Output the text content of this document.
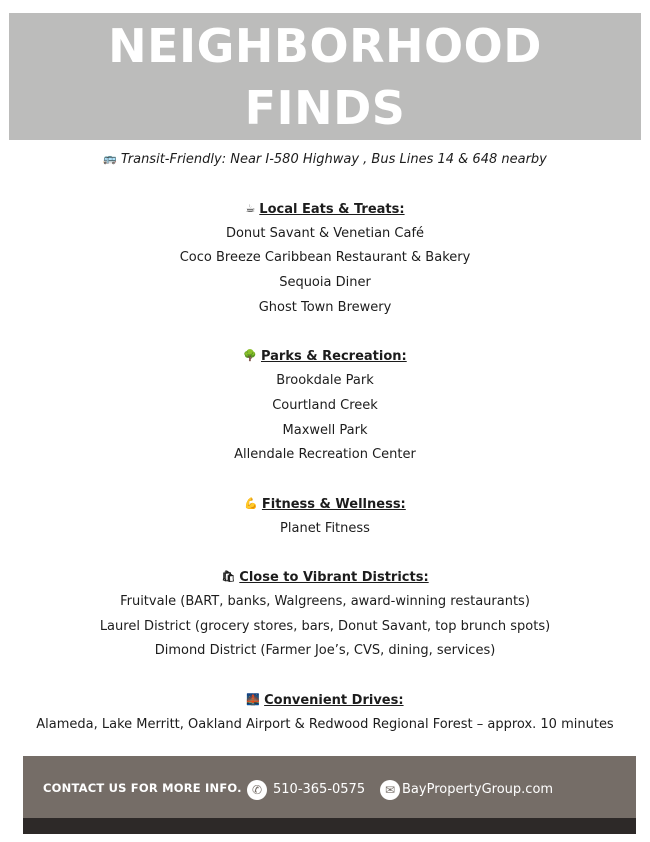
NEIGHBORHOOD
FINDS
🚌 Transit-Friendly: Near I-580 Highway , Bus Lines 14 & 648 nearby
☕ Local Eats & Treats:
Donut Savant & Venetian Café
Coco Breeze Caribbean Restaurant & Bakery
Sequoia Diner
Ghost Town Brewery
🌳 Parks & Recreation:
Brookdale Park
Courtland Creek
Maxwell Park
Allendale Recreation Center
💪 Fitness & Wellness:
Planet Fitness
🛍 Close to Vibrant Districts:
Fruitvale (BART, banks, Walgreens, award-winning restaurants)
Laurel District (grocery stores, bars, Donut Savant, top brunch spots)
Dimond District (Farmer Joe’s, CVS, dining, services)
🌉 Convenient Drives:
Alameda, Lake Merritt, Oakland Airport & Redwood Regional Forest – approx. 10 minutes
CONTACT US FOR MORE INFO. ✆ 510-365-0575	✉ BayPropertyGroup.com
